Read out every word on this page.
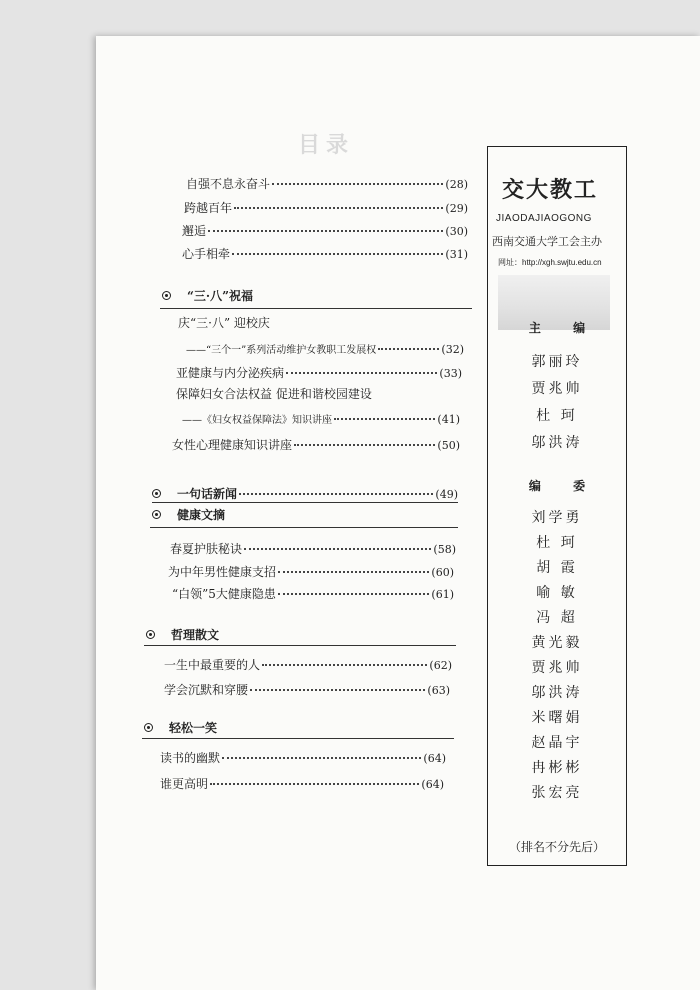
目录
自强不息永奋斗	(28)
跨越百年	(29)
邂逅	(30)
心手相牵	(31)
“三·八”祝福
庆“三·八” 迎校庆
——“三个一”系列活动维护女教职工发展权	(32)
亚健康与内分泌疾病	(33)
保障妇女合法权益 促进和谐校园建设
——《妇女权益保障法》知识讲座	(41)
女性心理健康知识讲座	(50)
一句话新闻	(49)
健康文摘
春夏护肤秘诀	(58)
为中年男性健康支招	(60)
“白领”5大健康隐患	(61)
哲理散文
一生中最重要的人	(62)
学会沉默和穿腰	(63)
轻松一笑
读书的幽默	(64)
谁更高明	(64)
交大教工
JIAODAJIAOGONG
西南交通大学工会主办
网址：http://xgh.swjtu.edu.cn
主 编
郭丽玲
贾兆帅
杜 珂
邬洪涛
编 委
刘学勇
杜 珂
胡 霞
喻 敏
冯 超
黄光毅
贾兆帅
邬洪涛
米曙娟
赵晶宇
冉彬彬
张宏亮
（排名不分先后）
